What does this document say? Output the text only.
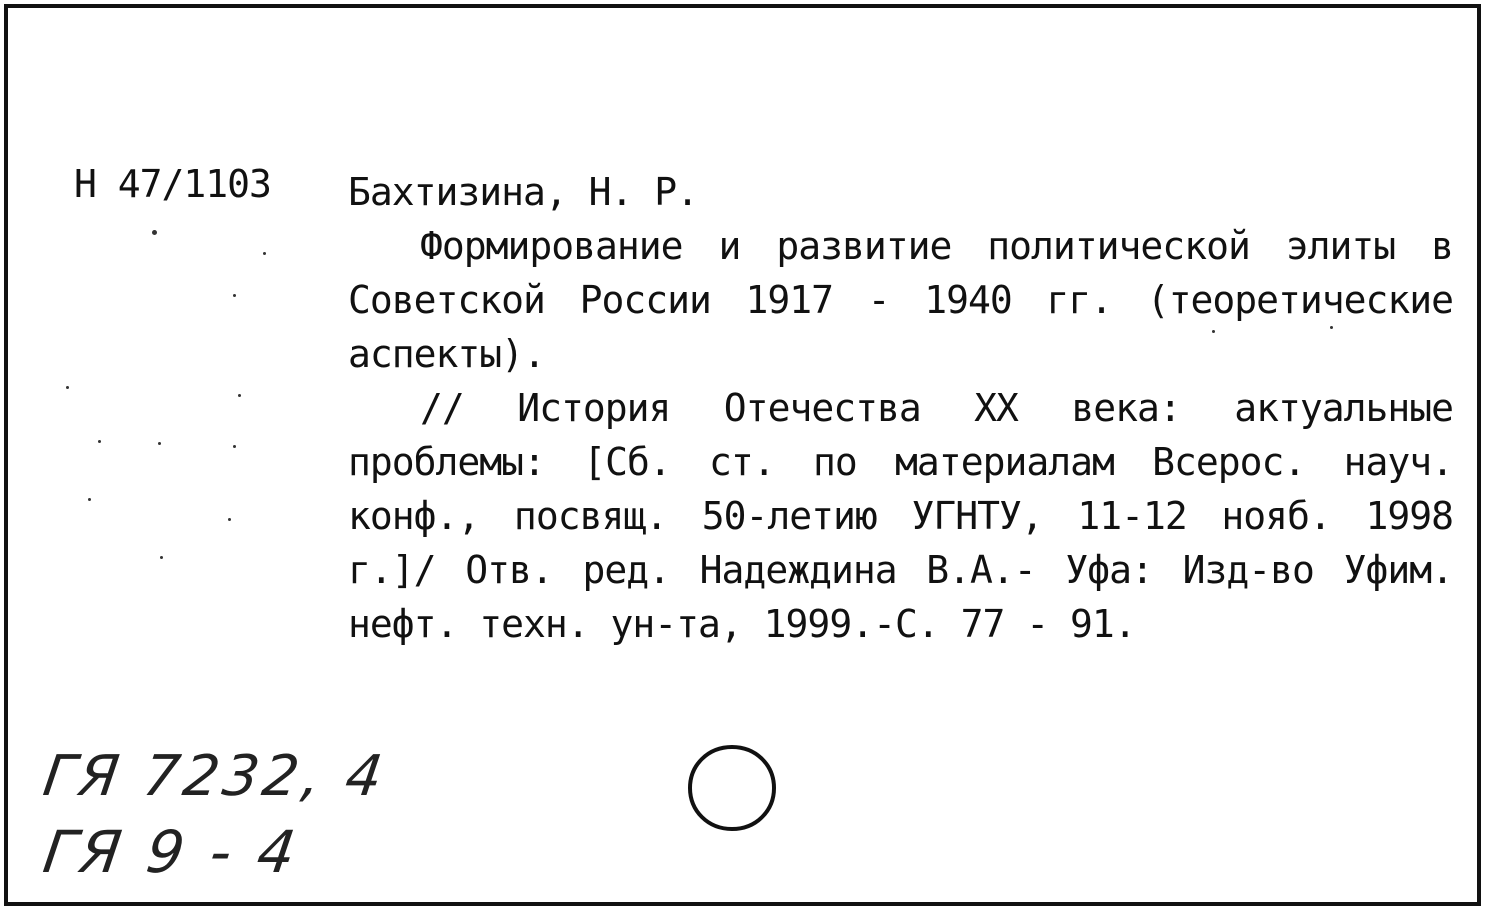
Н 47/1103 Бахтизина, Н. Р.

Формирование и развитие политической элиты в Советской России 1917 - 1940 гг. (теоретические аспекты).

// История Отечества XX века: актуальные проблемы: [Сб. ст. по материалам Всерос. науч. конф., посвящ. 50-летию УГНТУ, 11-12 нояб. 1998 г.]/ Отв. ред. Надеждина В.А.- Уфа: Изд-во Уфим. нефт. техн. ун-та, 1999.-С. 77 - 91.

ГЯ 7232, 4
ГЯ 9 - 4
